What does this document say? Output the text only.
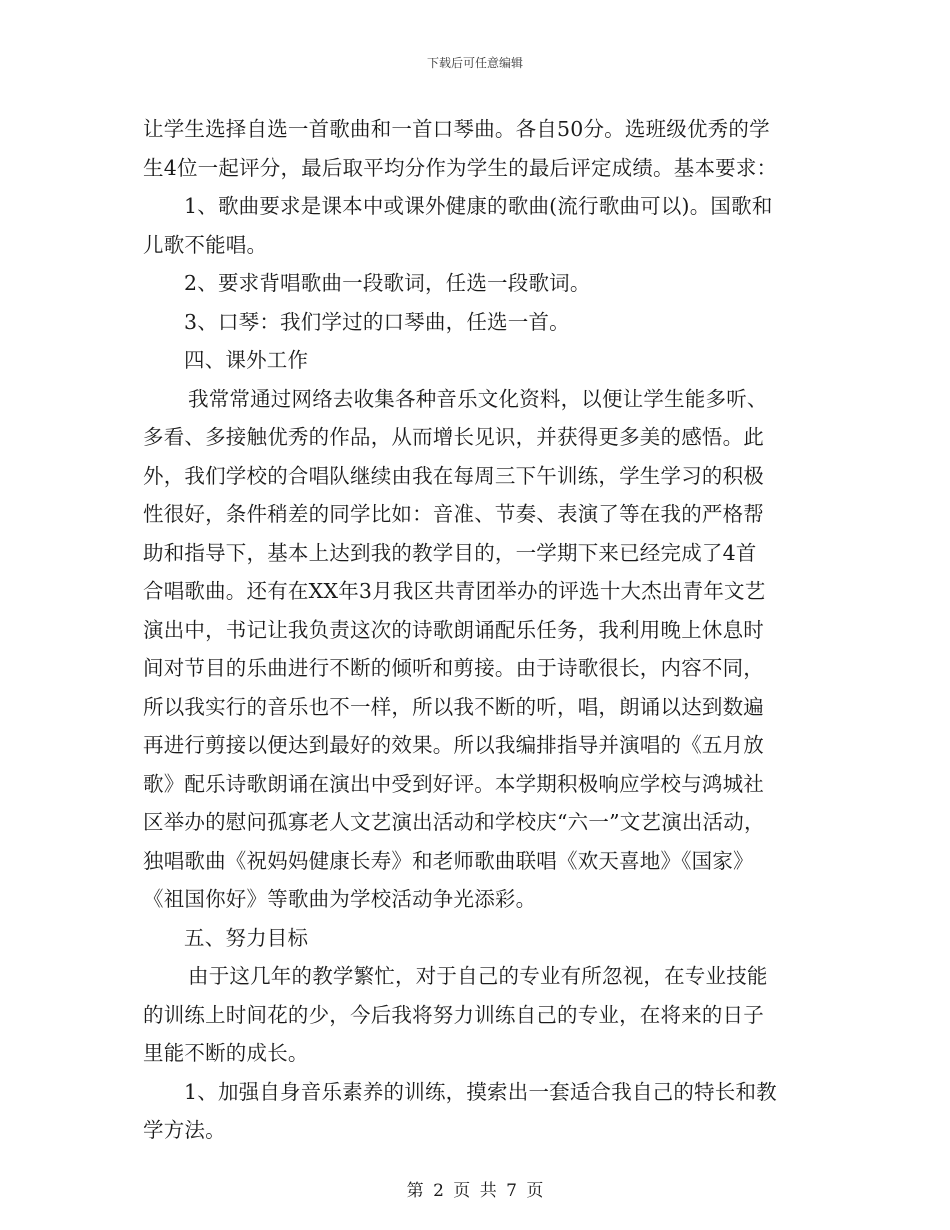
下载后可任意编辑
让学生选择自选一首歌曲和一首口琴曲。各自50分。选班级优秀的学
生4位一起评分，最后取平均分作为学生的最后评定成绩。基本要求：
1、歌曲要求是课本中或课外健康的歌曲(流行歌曲可以)。国歌和
儿歌不能唱。
2、要求背唱歌曲一段歌词，任选一段歌词。
3、口琴：我们学过的口琴曲，任选一首。
四、课外工作
我常常通过网络去收集各种音乐文化资料，以便让学生能多听、
多看、多接触优秀的作品，从而增长见识，并获得更多美的感悟。此
外，我们学校的合唱队继续由我在每周三下午训练，学生学习的积极
性很好，条件稍差的同学比如：音准、节奏、表演了等在我的严格帮
助和指导下，基本上达到我的教学目的，一学期下来已经完成了4首
合唱歌曲。还有在XX年3月我区共青团举办的评选十大杰出青年文艺
演出中，书记让我负责这次的诗歌朗诵配乐任务，我利用晚上休息时
间对节目的乐曲进行不断的倾听和剪接。由于诗歌很长，内容不同，
所以我实行的音乐也不一样，所以我不断的听，唱，朗诵以达到数遍
再进行剪接以便达到最好的效果。所以我编排指导并演唱的《五月放
歌》配乐诗歌朗诵在演出中受到好评。本学期积极响应学校与鸿城社
区举办的慰问孤寡老人文艺演出活动和学校庆“六一”文艺演出活动，
独唱歌曲《祝妈妈健康长寿》和老师歌曲联唱《欢天喜地》《国家》
《祖国你好》等歌曲为学校活动争光添彩。
五、努力目标
由于这几年的教学繁忙，对于自己的专业有所忽视，在专业技能
的训练上时间花的少，今后我将努力训练自己的专业，在将来的日子
里能不断的成长。
1、加强自身音乐素养的训练，摸索出一套适合我自己的特长和教
学方法。
第 2 页 共 7 页
